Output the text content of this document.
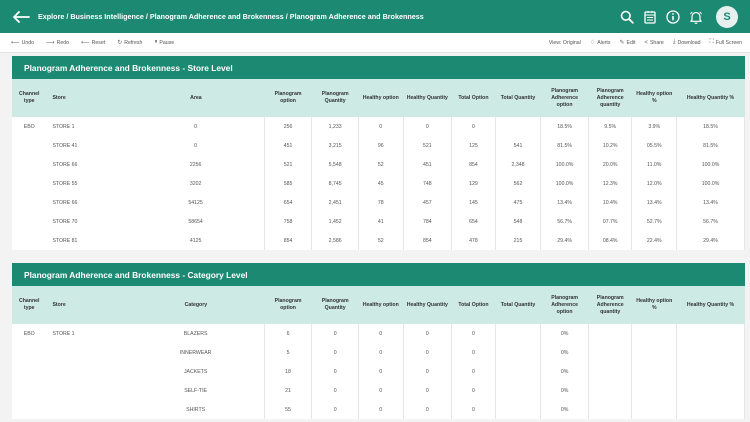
Explore / Business Intelligence / Planogram Adherence and Brokenness / Planogram Adherence and Brokenness	S
⟵ Undo ⟶ Redo ⟵ Reset ↻ Refresh ⏸ Pause	View: Original ♢ Alerts ✎ Edit < Share ⤓ Download ⛶ Full Screen
Planogram Adherence and Brokenness - Store Level
Channel type	Store	Area	Planogram option	Planogram Quantity	Healthy option	Healthy Quantity	Total Option	Total Quantity	Planogram Adherence option	Planogram Adherence quantity	Healthy option %	Healthy Quantity %
EBO	STORE 1	0	256	1,233	0	0	0		18.5%	9.5%	3.9%	18.5%
	STORE 41	0	451	3,215	96	521	125	541	81.5%	10.2%	05.5%	81.5%
	STORE 66	2256	521	5,548	52	451	854	2,348	100.0%	20.0%	11.0%	100.0%
	STORE 55	3202	585	8,745	45	748	129	562	100.0%	12.3%	12.0%	100.0%
	STORE 66	54125	654	2,451	78	457	145	475	13.4%	10.4%	13.4%	13.4%
	STORE 70	58654	758	1,452	41	784	654	548	56.7%	07.7%	52.7%	56.7%
	STORE 81	4125	854	2,586	52	854	478	215	29.4%	08.4%	22.4%	29.4%
Planogram Adherence and Brokenness - Category Level
Channel type	Store	Category	Planogram option	Planogram Quantity	Healthy option	Healthy Quantity	Total Option	Total Quantity	Planogram Adherence option	Planogram Adherence quantity	Healthy option %	Healthy Quantity %
EBO	STORE 1	BLAZERS	6	0	0	0	0		0%			
		INNERWEAR	5	0	0	0	0		0%			
		JACKETS	18	0	0	0	0		0%			
		SELF-TIE	21	0	0	0	0		0%			
		SHIRTS	55	0	0	0	0		0%			
